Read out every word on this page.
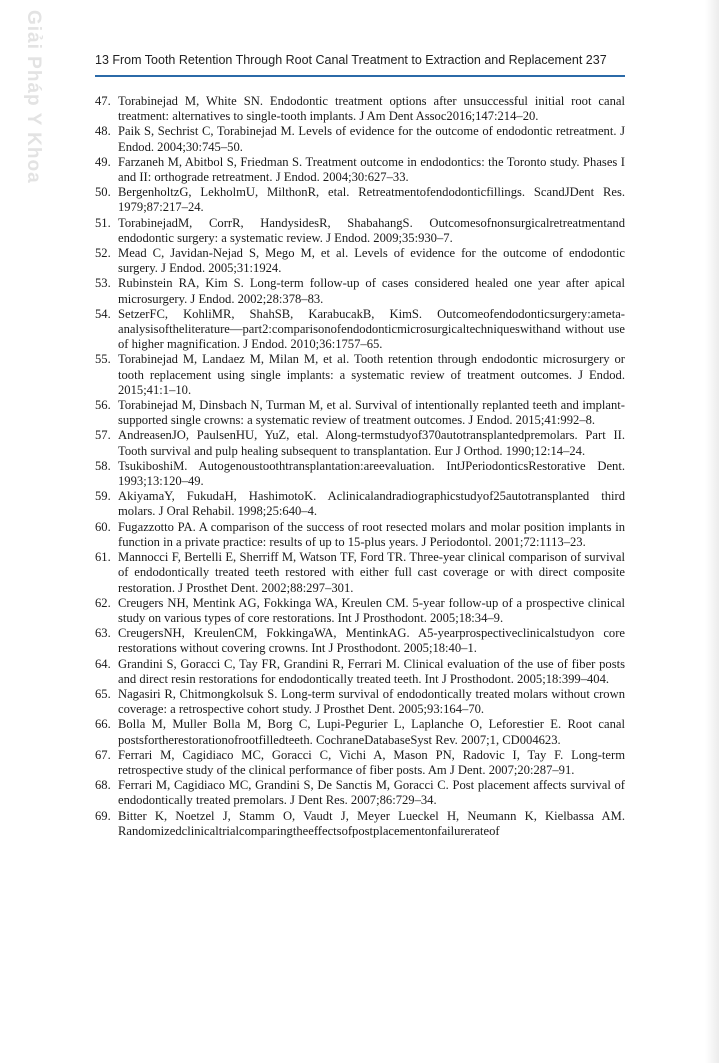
Giải Pháp Y Khoa	13 From Tooth Retention Through Root Canal Treatment to Extraction and Replacement 237
47. Torabinejad M, White SN. Endodontic treatment options after unsuccessful initial root canal treatment: alternatives to single-tooth implants. J Am Dent Assoc2016;147:214–20.
48. Paik S, Sechrist C, Torabinejad M. Levels of evidence for the outcome of endodontic retreatment. J Endod. 2004;30:745–50.
49. Farzaneh M, Abitbol S, Friedman S. Treatment outcome in endodontics: the Toronto study. Phases I and II: orthograde retreatment. J Endod. 2004;30:627–33.
50. BergenholtzG, LekholmU, MilthonR, etal. Retreatmentofendodonticfillings. ScandJDent Res. 1979;87:217–24.
51. TorabinejadM, CorrR, HandysidesR, ShabahangS. Outcomesofnonsurgicalretreatmentand endodontic surgery: a systematic review. J Endod. 2009;35:930–7.
52. Mead C, Javidan-Nejad S, Mego M, et al. Levels of evidence for the outcome of endodontic surgery. J Endod. 2005;31:1924.
53. Rubinstein RA, Kim S. Long-term follow-up of cases considered healed one year after apical microsurgery. J Endod. 2002;28:378–83.
54. SetzerFC, KohliMR, ShahSB, KarabucakB, KimS. Outcomeofendodonticsurgery:ameta-analysisoftheliterature—part2:comparisonofendodonticmicrosurgicaltechniqueswithand without use of higher magnification. J Endod. 2010;36:1757–65.
55. Torabinejad M, Landaez M, Milan M, et al. Tooth retention through endodontic microsurgery or tooth replacement using single implants: a systematic review of treatment outcomes. J Endod. 2015;41:1–10.
56. Torabinejad M, Dinsbach N, Turman M, et al. Survival of intentionally replanted teeth and implant-supported single crowns: a systematic review of treatment outcomes. J Endod. 2015;41:992–8.
57. AndreasenJO, PaulsenHU, YuZ, etal. Along-termstudyof370autotransplantedpremolars. Part II. Tooth survival and pulp healing subsequent to transplantation. Eur J Orthod. 1990;12:14–24.
58. TsukiboshiM. Autogenoustoothtransplantation:areevaluation. IntJPeriodonticsRestorative Dent. 1993;13:120–49.
59. AkiyamaY, FukudaH, HashimotoK. Aclinicalandradiographicstudyof25autotransplanted third molars. J Oral Rehabil. 1998;25:640–4.
60. Fugazzotto PA. A comparison of the success of root resected molars and molar position implants in function in a private practice: results of up to 15-plus years. J Periodontol. 2001;72:1113–23.
61. Mannocci F, Bertelli E, Sherriff M, Watson TF, Ford TR. Three-year clinical comparison of survival of endodontically treated teeth restored with either full cast coverage or with direct composite restoration. J Prosthet Dent. 2002;88:297–301.
62. Creugers NH, Mentink AG, Fokkinga WA, Kreulen CM. 5-year follow-up of a prospective clinical study on various types of core restorations. Int J Prosthodont. 2005;18:34–9.
63. CreugersNH, KreulenCM, FokkingaWA, MentinkAG. A5-yearprospectiveclinicalstudyon core restorations without covering crowns. Int J Prosthodont. 2005;18:40–1.
64. Grandini S, Goracci C, Tay FR, Grandini R, Ferrari M. Clinical evaluation of the use of fiber posts and direct resin restorations for endodontically treated teeth. Int J Prosthodont. 2005;18:399–404.
65. Nagasiri R, Chitmongkolsuk S. Long-term survival of endodontically treated molars without crown coverage: a retrospective cohort study. J Prosthet Dent. 2005;93:164–70.
66. Bolla M, Muller Bolla M, Borg C, Lupi-Pegurier L, Laplanche O, Leforestier E. Root canal postsfortherestorationofrootfilledteeth. CochraneDatabaseSyst Rev. 2007;1, CD004623.
67. Ferrari M, Cagidiaco MC, Goracci C, Vichi A, Mason PN, Radovic I, Tay F. Long-term retrospective study of the clinical performance of fiber posts. Am J Dent. 2007;20:287–91.
68. Ferrari M, Cagidiaco MC, Grandini S, De Sanctis M, Goracci C. Post placement affects survival of endodontically treated premolars. J Dent Res. 2007;86:729–34.
69. Bitter K, Noetzel J, Stamm O, Vaudt J, Meyer Lueckel H, Neumann K, Kielbassa AM. Randomizedclinicaltrialcomparingtheeffectsofpostplacementonfailurerateof
